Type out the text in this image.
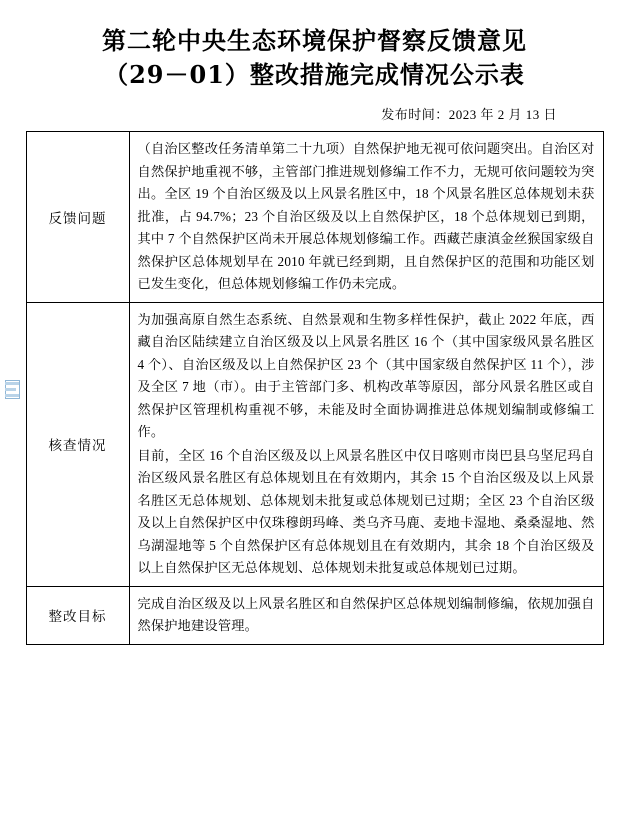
第二轮中央生态环境保护督察反馈意见
（29－01）整改措施完成情况公示表
发布时间：2023 年 2 月 13 日
反馈问题	（自治区整改任务清单第二十九项）自然保护地无视可依问题突出。自治区对自然保护地重视不够，主管部门推进规划修编工作不力，无规可依问题较为突出。全区 19 个自治区级及以上风景名胜区中，18 个风景名胜区总体规划未获批准，占 94.7%；23 个自治区级及以上自然保护区，18 个总体规划已到期，其中 7 个自然保护区尚未开展总体规划修编工作。西藏芒康滇金丝猴国家级自然保护区总体规划早在 2010 年就已经到期，且自然保护区的范围和功能区划已发生变化，但总体规划修编工作仍未完成。

核查情况	为加强高原自然生态系统、自然景观和生物多样性保护，截止 2022 年底，西藏自治区陆续建立自治区级及以上风景名胜区 16 个（其中国家级风景名胜区 4 个）、自治区级及以上自然保护区 23 个（其中国家级自然保护区 11 个），涉及全区 7 地（市）。由于主管部门多、机构改革等原因，部分风景名胜区或自然保护区管理机构重视不够，未能及时全面协调推进总体规划编制或修编工作。

目前，全区 16 个自治区级及以上风景名胜区中仅日喀则市岗巴县乌坚尼玛自治区级风景名胜区有总体规划且在有效期内，其余 15 个自治区级及以上风景名胜区无总体规划、总体规划未批复或总体规划已过期；全区 23 个自治区级及以上自然保护区中仅珠穆朗玛峰、类乌齐马鹿、麦地卡湿地、桑桑湿地、然乌湖湿地等 5 个自然保护区有总体规划且在有效期内，其余 18 个自治区级及以上自然保护区无总体规划、总体规划未批复或总体规划已过期。

整改目标	完成自治区级及以上风景名胜区和自然保护区总体规划编制修编，依规加强自然保护地建设管理。
